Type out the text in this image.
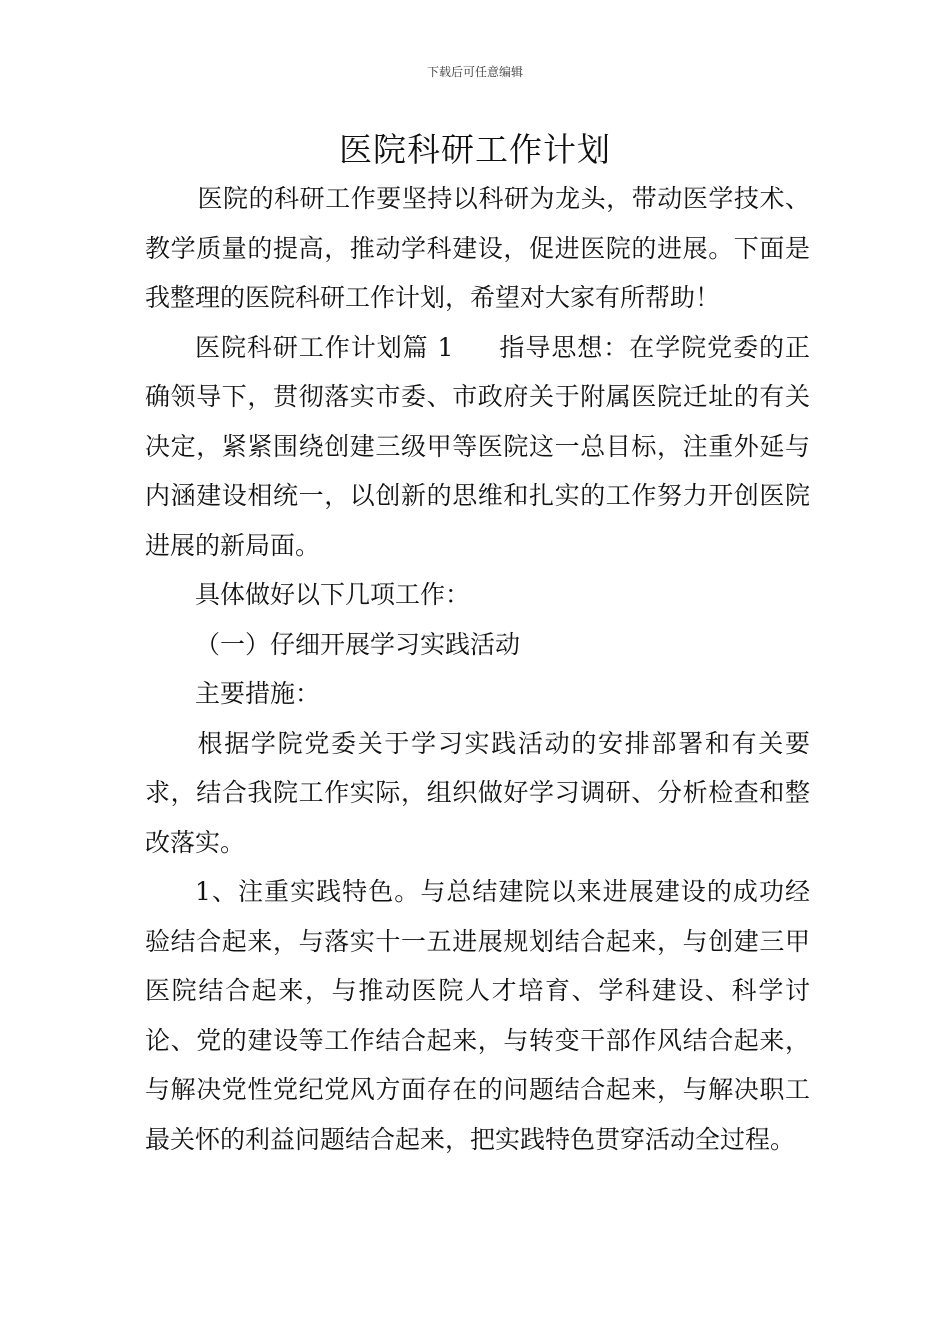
下载后可任意编辑
医院科研工作计划

医院的科研工作要坚持以科研为龙头，带动医学技术、教学质量的提高，推动学科建设，促进医院的进展。下面是我整理的医院科研工作计划，希望对大家有所帮助！

医院科研工作计划篇 1 指导思想：在学院党委的正确领导下，贯彻落实市委、市政府关于附属医院迁址的有关决定，紧紧围绕创建三级甲等医院这一总目标，注重外延与内涵建设相统一，以创新的思维和扎实的工作努力开创医院进展的新局面。

具体做好以下几项工作：

（一）仔细开展学习实践活动

主要措施：

根据学院党委关于学习实践活动的安排部署和有关要求，结合我院工作实际，组织做好学习调研、分析检查和整改落实。

1、注重实践特色。与总结建院以来进展建设的成功经验结合起来，与落实十一五进展规划结合起来，与创建三甲医院结合起来，与推动医院人才培育、学科建设、科学讨论、党的建设等工作结合起来，与转变干部作风结合起来，与解决党性党纪党风方面存在的问题结合起来，与解决职工最关怀的利益问题结合起来，把实践特色贯穿活动全过程。
